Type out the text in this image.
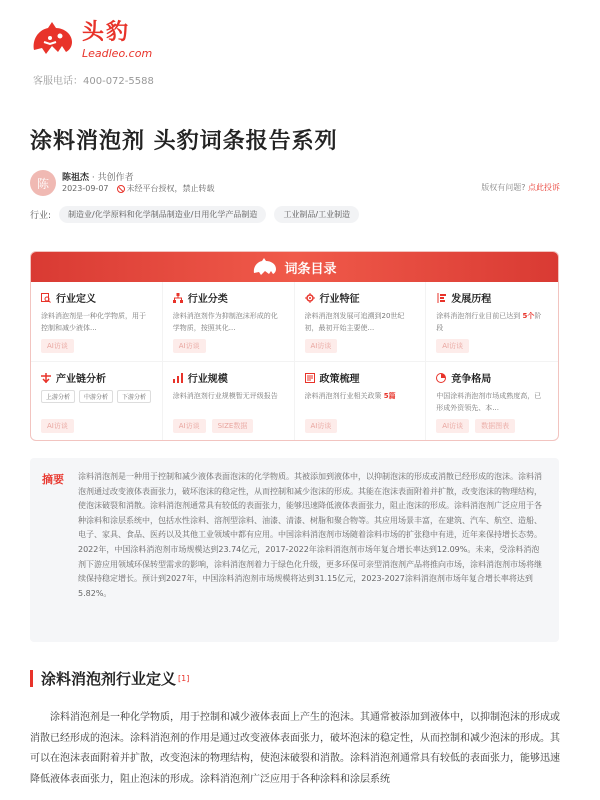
头豹
Leadleo.com
客服电话：400-072-5588
涂料消泡剂 头豹词条报告系列
陈	陈祖杰 · 共创作者
2023-09-07 未经平台授权，禁止转载	版权有问题? 点此投诉
行业:	制造业/化学原料和化学制品制造业/日用化学产品制造	工业制品/工业制造
词条目录
行业定义
涂料消泡剂是一种化学物质，用于控制和减少液体...
AI访谈
行业分类
涂料消泡剂作为抑制泡沫形成的化学物质，按照其化...
AI访谈
行业特征
涂料消泡剂发展可追溯到20世纪初，最初开始主要使...
AI访谈
发展历程
涂料消泡剂行业目前已达到 5个阶段
AI访谈
产业链分析
上游分析	中游分析	下游分析
AI访谈
行业规模
涂料消泡剂行业规模暂无评级报告
AI访谈	SIZE数据
政策梳理
涂料消泡剂行业相关政策 5篇
AI访谈
竞争格局
中国涂料消泡剂市场成熟度高，已形成外资领先、本...
AI访谈	数据图表
摘要 涂料消泡剂是一种用于控制和减少液体表面泡沫的化学物质。其被添加到液体中，以抑制泡沫的形成或消散已经形成的泡沫。涂料消泡剂通过改变液体表面张力，破坏泡沫的稳定性，从而控制和减少泡沫的形成。其能在泡沫表面附着并扩散，改变泡沫的物理结构，使泡沫破裂和消散。涂料消泡剂通常具有较低的表面张力，能够迅速降低液体表面张力，阻止泡沫的形成。涂料消泡剂广泛应用于各种涂料和涂层系统中，包括水性涂料、溶剂型涂料、油漆、清漆、树脂和聚合物等。其应用场景丰富，在建筑、汽车、航空、造船、电子、家具、食品、医药以及其他工业领域中都有应用。中国涂料消泡剂市场随着涂料市场的扩张稳中有进，近年来保持增长态势。2022年，中国涂料消泡剂市场规模达到23.74亿元，2017-2022年涂料消泡剂市场年复合增长率达到12.09%。未来，受涂料消泡剂下游应用领域环保转型需求的影响，涂料消泡剂着力于绿色化升级，更多环保可亲型消泡剂产品将推向市场，涂料消泡剂市场将继续保持稳定增长。预计到2027年，中国涂料消泡剂市场规模将达到31.15亿元，2023-2027涂料消泡剂市场年复合增长率将达到5.82%。
涂料消泡剂行业定义 [1]
涂料消泡剂是一种化学物质，用于控制和减少液体表面上产生的泡沫。其通常被添加到液体中，以抑制泡沫的形成或消散已经形成的泡沫。涂料消泡剂的作用是通过改变液体表面张力，破坏泡沫的稳定性，从而控制和减少泡沫的形成。其可以在泡沫表面附着并扩散，改变泡沫的物理结构，使泡沫破裂和消散。涂料消泡剂通常具有较低的表面张力，能够迅速降低液体表面张力，阻止泡沫的形成。涂料消泡剂广泛应用于各种涂料和涂层系统
